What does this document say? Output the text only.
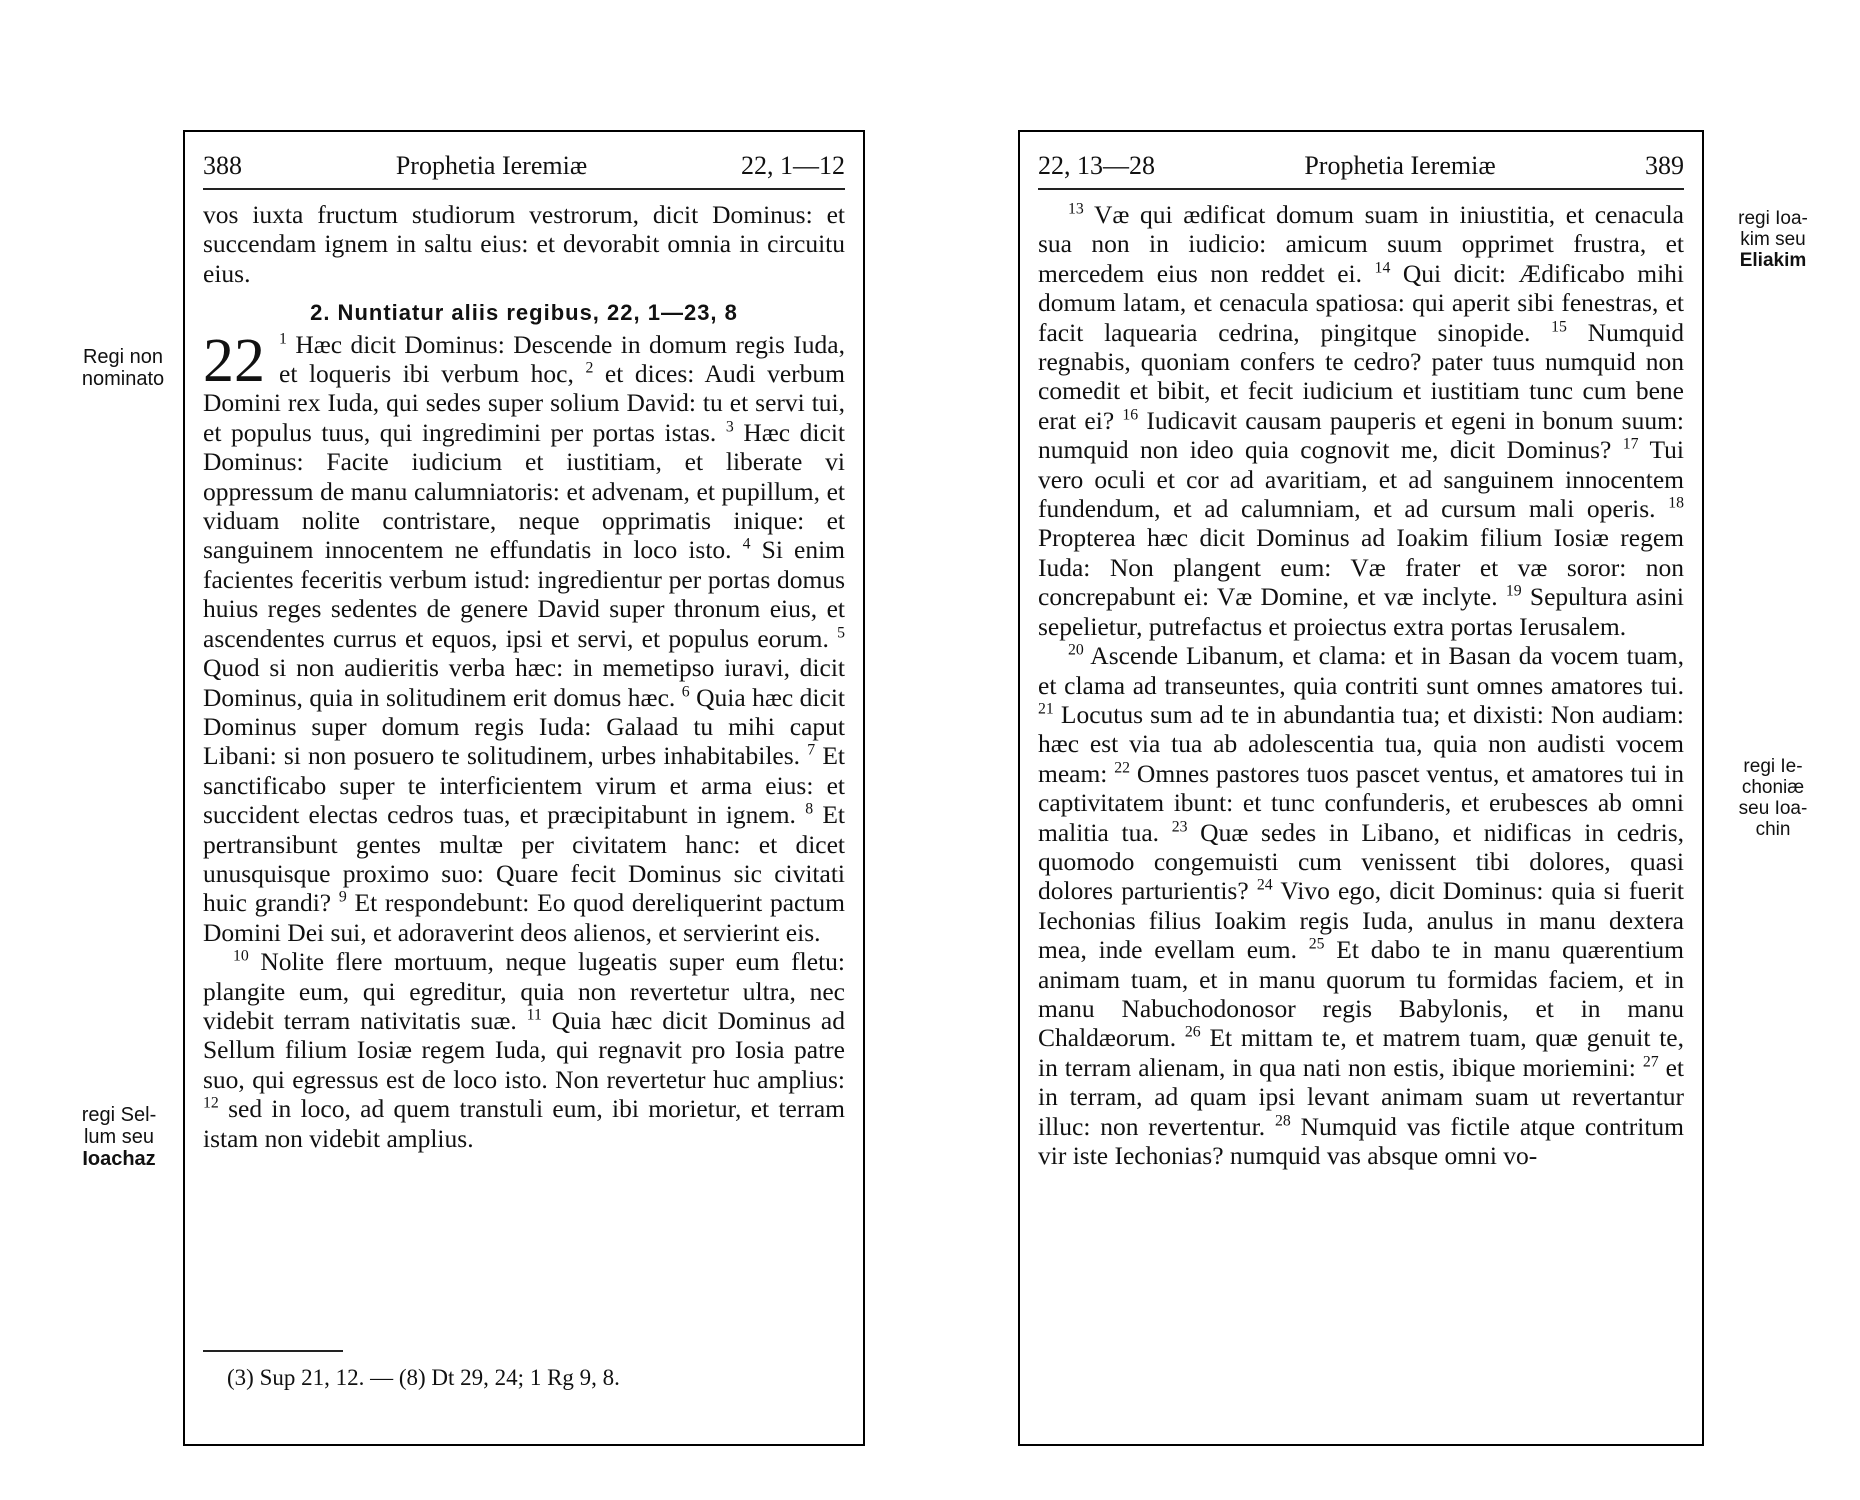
Regi non
nominato
regi Sel-
lum seu
Ioachaz
regi Ioa-
kim seu
Eliakim
regi Ie-
choniæ
seu Ioa-
chin
388	Prophetia Ieremiæ	22, 1—12

vos iuxta fructum studiorum vestrorum, dicit Dominus: et succendam ignem in saltu eius: et devorabit omnia in circuitu eius.

2. Nuntiatur aliis regibus, 22, 1—23, 8

22 $^1$ Hæc dicit Dominus: Descende in domum regis Iuda, et loqueris ibi verbum hoc, $^2$ et dices: Audi verbum Domini rex Iuda, qui sedes super solium David: tu et servi tui, et populus tuus, qui ingredimini per portas istas. $^3$ Hæc dicit Dominus: Facite iudicium et iustitiam, et liberate vi oppressum de manu calumniatoris: et advenam, et pupillum, et viduam nolite contristare, neque opprimatis inique: et sanguinem innocentem ne effundatis in loco isto. $^4$ Si enim facientes feceritis verbum istud: ingredientur per portas domus huius reges sedentes de genere David super thronum eius, et ascendentes currus et equos, ipsi et servi, et populus eorum. $^5$ Quod si non audieritis verba hæc: in memetipso iuravi, dicit Dominus, quia in solitudinem erit domus hæc. $^6$ Quia hæc dicit Dominus super domum regis Iuda: Galaad tu mihi caput Libani: si non posuero te solitudinem, urbes inhabitabiles. $^7$ Et sanctificabo super te interficientem virum et arma eius: et succident electas cedros tuas, et præcipitabunt in ignem. $^8$ Et pertransibunt gentes multæ per civitatem hanc: et dicet unusquisque proximo suo: Quare fecit Dominus sic civitati huic grandi? $^9$ Et respondebunt: Eo quod dereliquerint pactum Domini Dei sui, et adoraverint deos alienos, et servierint eis.

$^{10}$ Nolite flere mortuum, neque lugeatis super eum fletu: plangite eum, qui egreditur, quia non revertetur ultra, nec videbit terram nativitatis suæ. $^{11}$ Quia hæc dicit Dominus ad Sellum filium Iosiæ regem Iuda, qui regnavit pro Iosia patre suo, qui egressus est de loco isto. Non revertetur huc amplius: $^{12}$ sed in loco, ad quem transtuli eum, ibi morietur, et terram istam non videbit amplius.

(3) Sup 21, 12. — (8) Dt 29, 24; 1 Rg 9, 8.
22, 13—28	Prophetia Ieremiæ	389

$^{13}$ Væ qui ædificat domum suam in iniustitia, et cenacula sua non in iudicio: amicum suum opprimet frustra, et mercedem eius non reddet ei. $^{14}$ Qui dicit: Ædificabo mihi domum latam, et cenacula spatiosa: qui aperit sibi fenestras, et facit laquearia cedrina, pingitque sinopide. $^{15}$ Numquid regnabis, quoniam confers te cedro? pater tuus numquid non comedit et bibit, et fecit iudicium et iustitiam tunc cum bene erat ei? $^{16}$ Iudicavit causam pauperis et egeni in bonum suum: numquid non ideo quia cognovit me, dicit Dominus? $^{17}$ Tui vero oculi et cor ad avaritiam, et ad sanguinem innocentem fundendum, et ad calumniam, et ad cursum mali operis. $^{18}$ Propterea hæc dicit Dominus ad Ioakim filium Iosiæ regem Iuda: Non plangent eum: Væ frater et væ soror: non concrepabunt ei: Væ Domine, et væ inclyte. $^{19}$ Sepultura asini sepelietur, putrefactus et proiectus extra portas Ierusalem.

$^{20}$ Ascende Libanum, et clama: et in Basan da vocem tuam, et clama ad transeuntes, quia contriti sunt omnes amatores tui. $^{21}$ Locutus sum ad te in abundantia tua; et dixisti: Non audiam: hæc est via tua ab adolescentia tua, quia non audisti vocem meam: $^{22}$ Omnes pastores tuos pascet ventus, et amatores tui in captivitatem ibunt: et tunc confunderis, et erubesces ab omni malitia tua. $^{23}$ Quæ sedes in Libano, et nidificas in cedris, quomodo congemuisti cum venissent tibi dolores, quasi dolores parturientis? $^{24}$ Vivo ego, dicit Dominus: quia si fuerit Iechonias filius Ioakim regis Iuda, anulus in manu dextera mea, inde evellam eum. $^{25}$ Et dabo te in manu quærentium animam tuam, et in manu quorum tu formidas faciem, et in manu Nabuchodonosor regis Babylonis, et in manu Chaldæorum. $^{26}$ Et mittam te, et matrem tuam, quæ genuit te, in terram alienam, in qua nati non estis, ibique moriemini: $^{27}$ et in terram, ad quam ipsi levant animam suam ut revertantur illuc: non revertentur. $^{28}$ Numquid vas fictile atque contritum vir iste Iechonias? numquid vas absque omni vo-
